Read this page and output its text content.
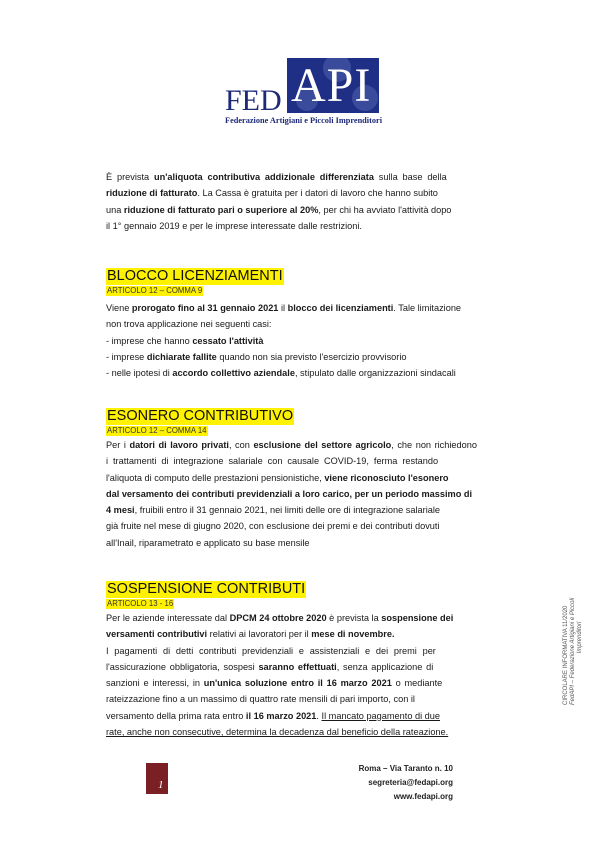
FED API
Federazione Artigiani e Piccoli Imprenditori
È prevista un'aliquota contributiva addizionale differenziata sulla base della
riduzione di fatturato. La Cassa è gratuita per i datori di lavoro che hanno subito
una riduzione di fatturato pari o superiore al 20%, per chi ha avviato l'attività dopo
il 1° gennaio 2019 e per le imprese interessate dalle restrizioni.
BLOCCO LICENZIAMENTI
ARTICOLO 12 – COMMA 9
Viene prorogato fino al 31 gennaio 2021 il blocco dei licenziamenti. Tale limitazione
non trova applicazione nei seguenti casi:
- imprese che hanno cessato l'attività
- imprese dichiarate fallite quando non sia previsto l'esercizio provvisorio
- nelle ipotesi di accordo collettivo aziendale, stipulato dalle organizzazioni sindacali
ESONERO CONTRIBUTIVO
ARTICOLO 12 – COMMA 14
Per i datori di lavoro privati, con esclusione del settore agricolo, che non richiedono
i trattamenti di integrazione salariale con causale COVID-19, ferma restando
l'aliquota di computo delle prestazioni pensionistiche, viene riconosciuto l'esonero
dal versamento dei contributi previdenziali a loro carico, per un periodo massimo di
4 mesi, fruibili entro il 31 gennaio 2021, nei limiti delle ore di integrazione salariale
già fruite nel mese di giugno 2020, con esclusione dei premi e dei contributi dovuti
all'Inail, riparametrato e applicato su base mensile
SOSPENSIONE CONTRIBUTI
ARTICOLO 13 - 16
Per le aziende interessate dal DPCM 24 ottobre 2020 è prevista la sospensione dei
versamenti contributivi relativi ai lavoratori per il mese di novembre.
I pagamenti di detti contributi previdenziali e assistenziali e dei premi per
l'assicurazione obbligatoria, sospesi saranno effettuati, senza applicazione di
sanzioni e interessi, in un'unica soluzione entro il 16 marzo 2021 o mediante
rateizzazione fino a un massimo di quattro rate mensili di pari importo, con il
versamento della prima rata entro il 16 marzo 2021. Il mancato pagamento di due
rate, anche non consecutive, determina la decadenza dal beneficio della rateazione.
CIRCOLARE INFORMATIVA 11/2020 FedAPI – Federazione Artigiani e Piccoli Imprenditori
1
Roma – Via Taranto n. 10
segreteria@fedapi.org
www.fedapi.org
